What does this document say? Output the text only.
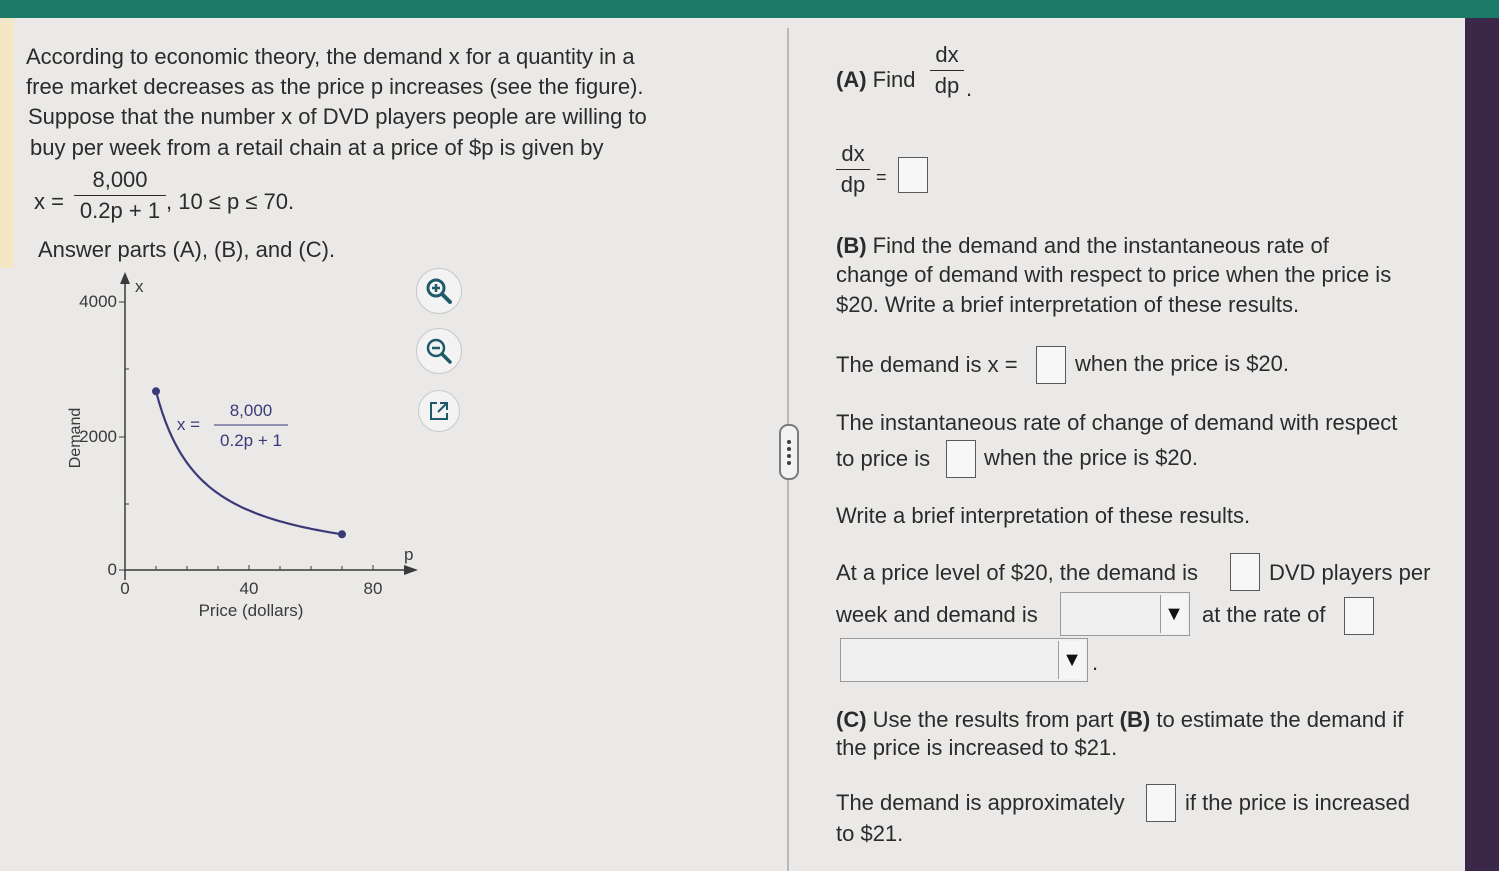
According to economic theory, the demand x for a quantity in a
free market decreases as the price p increases (see the figure).
Suppose that the number x of DVD players people are willing to
buy per week from a retail chain at a price of $p is given by
x =
8,000
0.2p + 1 , 10 ≤ p ≤ 70.
Answer parts (A), (B), and (C).
x
p
4000
2000
0
0	40	80
Price (dollars)
Demand	x =
8,000
0.2p + 1
(A) Find
dx
dp .
dx
dp =
(B) Find the demand and the instantaneous rate of
change of demand with respect to price when the price is
$20. Write a brief interpretation of these results.
The demand is x =	when the price is $20.
The instantaneous rate of change of demand with respect
to price is when the price is $20.
Write a brief interpretation of these results.
At a price level of $20, the demand is	DVD players per
week and demand is	▼ at the rate of
▼ .
(C) Use the results from part (B) to estimate the demand if
the price is increased to $21.
The demand is approximately	if the price is increased
to $21.
